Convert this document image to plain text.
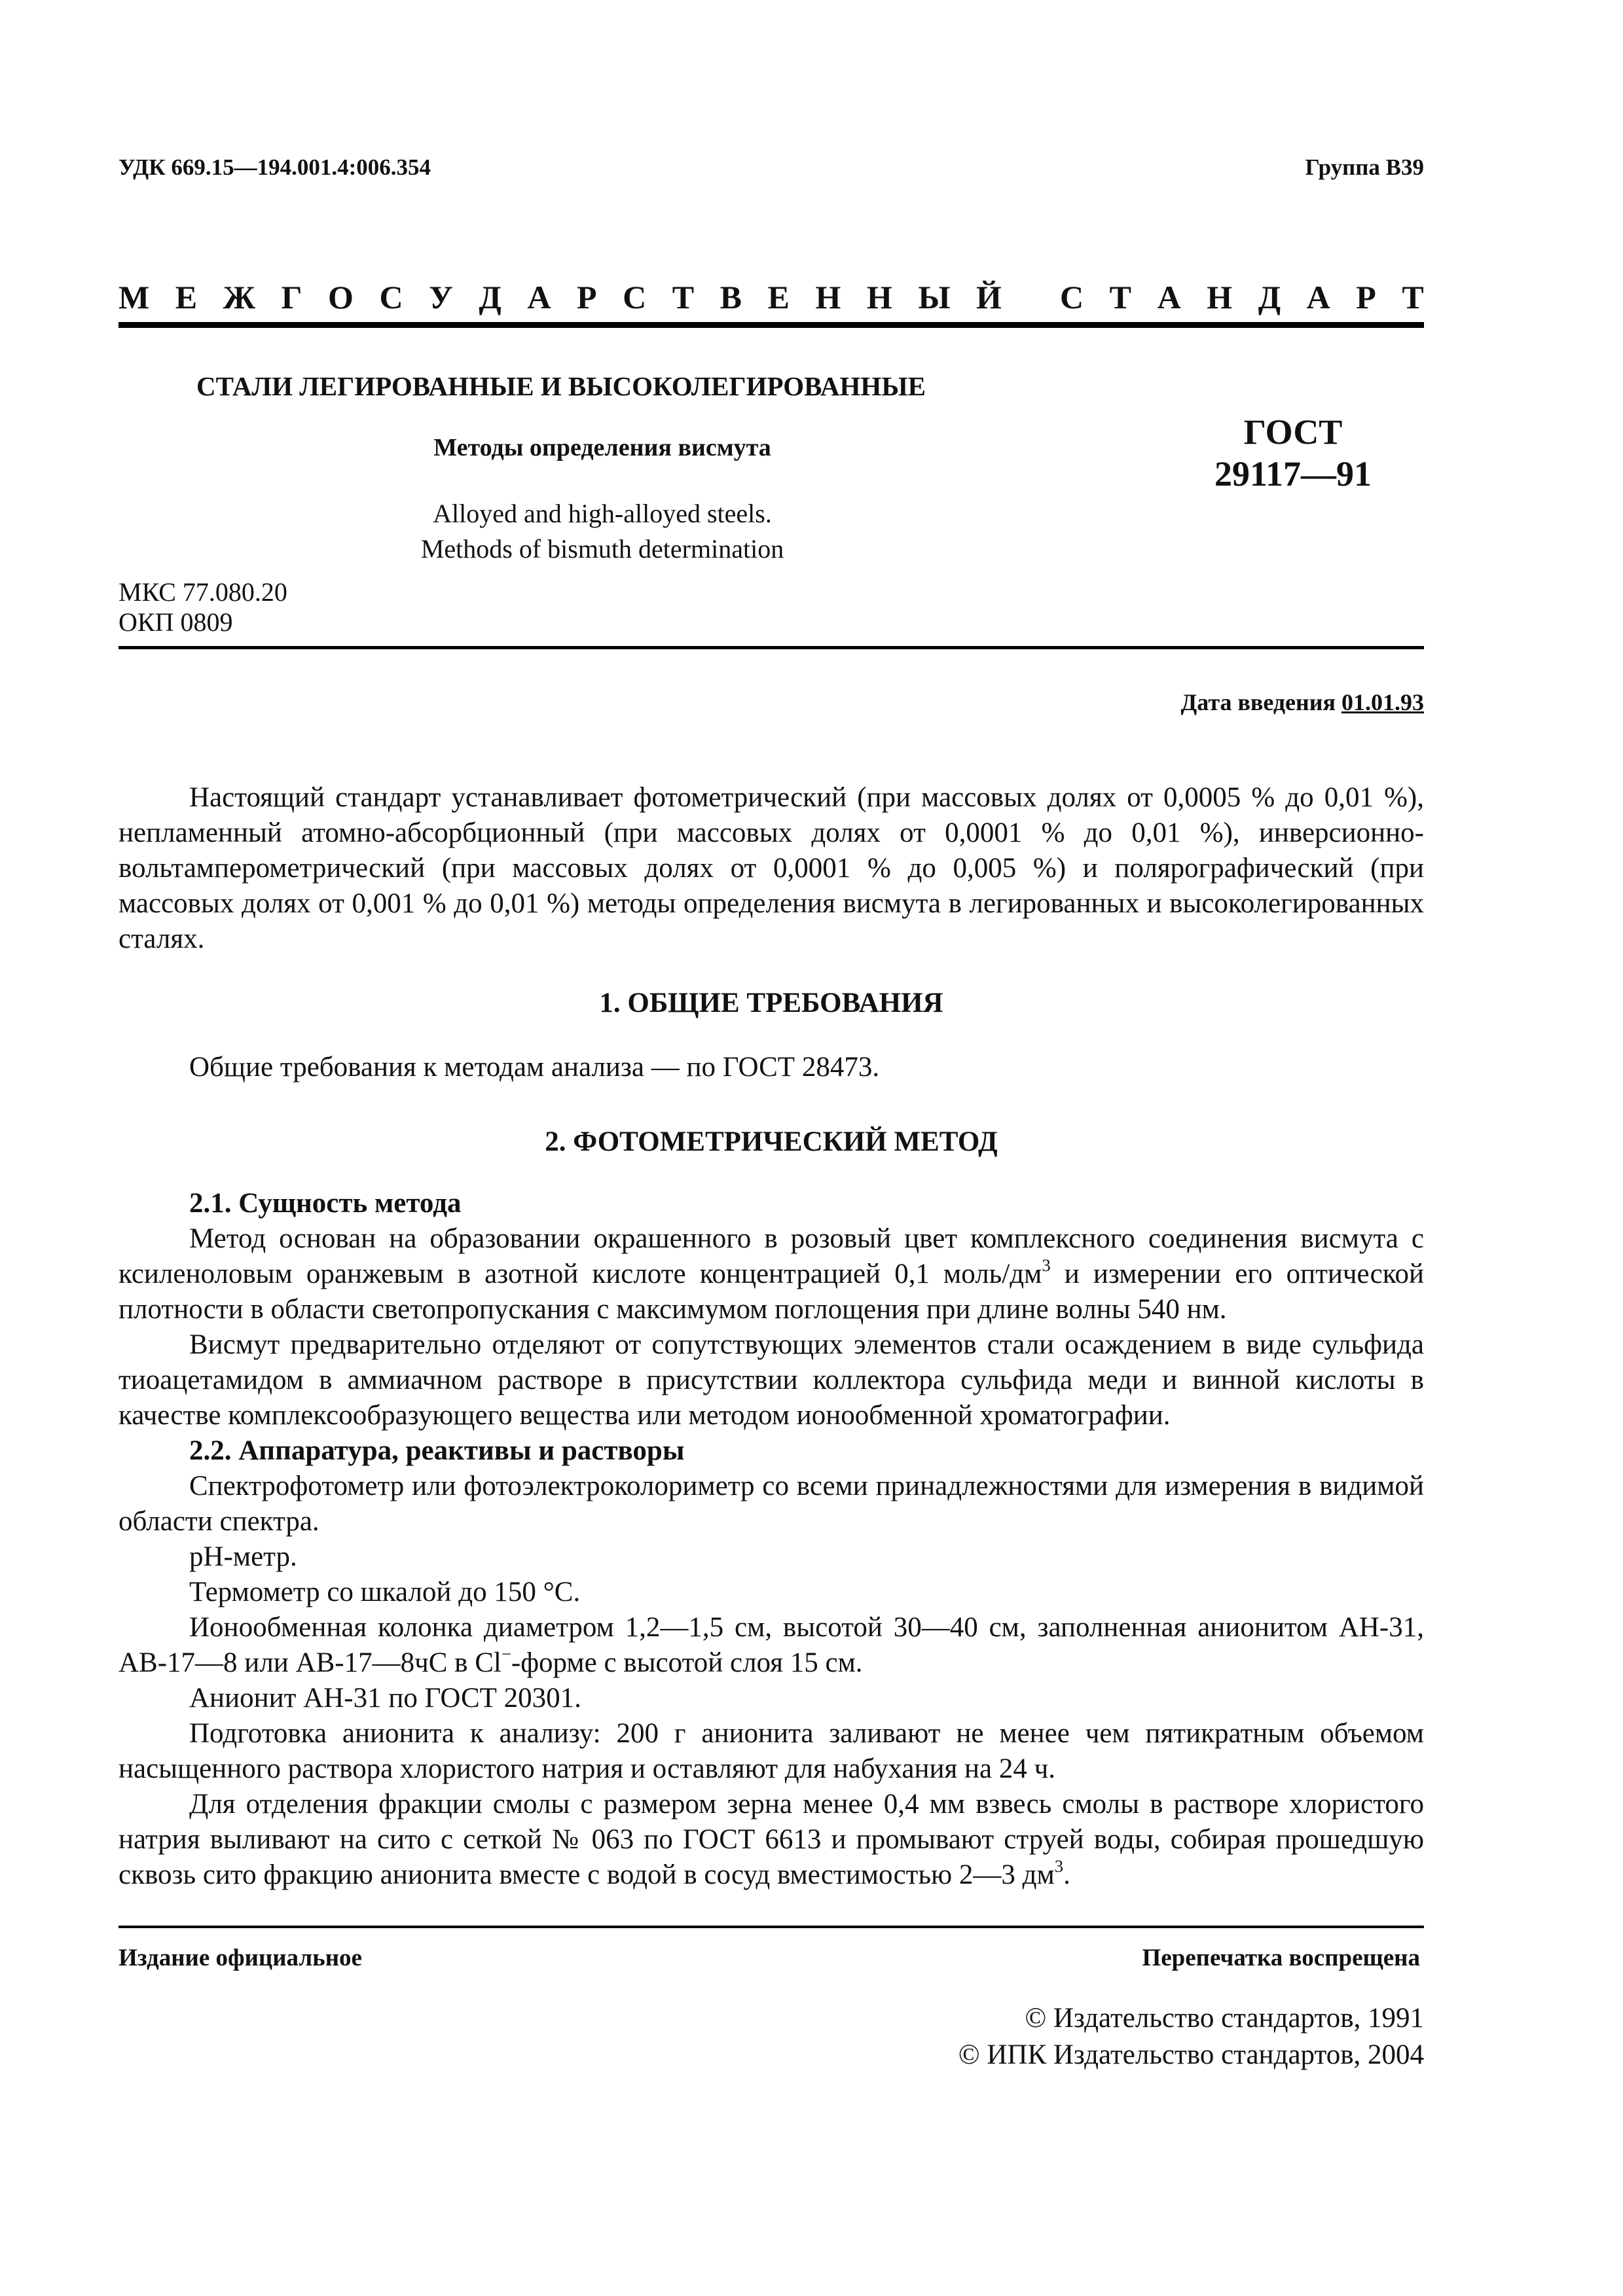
УДК 669.15—194.001.4:006.354	Группа В39
М Е Ж Г О С У Д А Р С Т В Е Н Н Ы Й С Т А Н Д А Р Т
СТАЛИ ЛЕГИРОВАННЫЕ И ВЫСОКОЛЕГИРОВАННЫЕ
Методы определения висмута
Alloyed and high-alloyed steels.
Methods of bismuth determination
ГОСТ
29117—91
МКС 77.080.20
ОКП 0809
Дата введения 01.01.93

Настоящий стандарт устанавливает фотометрический (при массовых долях от 0,0005 % до 0,01 %), непламенный атомно-абсорбционный (при массовых долях от 0,0001 % до 0,01 %), инверсионно-вольтамперометрический (при массовых долях от 0,0001 % до 0,005 %) и полярографический (при массовых долях от 0,001 % до 0,01 %) методы определения висмута в легированных и высоколегированных сталях.

1. ОБЩИЕ ТРЕБОВАНИЯ

Общие требования к методам анализа — по ГОСТ 28473.

2. ФОТОМЕТРИЧЕСКИЙ МЕТОД

2.1. Сущность метода

Метод основан на образовании окрашенного в розовый цвет комплексного соединения висмута с ксиленоловым оранжевым в азотной кислоте концентрацией 0,1 моль/$дм^3$ и измерении его оптической плотности в области светопропускания с максимумом поглощения при длине волны 540 нм.

Висмут предварительно отделяют от сопутствующих элементов стали осаждением в виде сульфида тиоацетамидом в аммиачном растворе в присутствии коллектора сульфида меди и винной кислоты в качестве комплексообразующего вещества или методом ионообменной хроматографии.

2.2. Аппаратура, реактивы и растворы

Спектрофотометр или фотоэлектроколориметр со всеми принадлежностями для измерения в видимой области спектра.

pH-метр.

Термометр со шкалой до 150 °С.

Ионообменная колонка диаметром 1,2—1,5 см, высотой 30—40 см, заполненная анионитом АН-31, АВ-17—8 или АВ-17—8чС в Cl−-форме с высотой слоя 15 см.

Анионит АН-31 по ГОСТ 20301.

Подготовка анионита к анализу: 200 г анионита заливают не менее чем пятикратным объемом насыщенного раствора хлористого натрия и оставляют для набухания на 24 ч.

Для отделения фракции смолы с размером зерна менее 0,4 мм взвесь смолы в растворе хлористого натрия выливают на сито с сеткой № 063 по ГОСТ 6613 и промывают струей воды, собирая прошедшую сквозь сито фракцию анионита вместе с водой в сосуд вместимостью 2—3 $дм^3$.

Издание официальное	Перепечатка воспрещена
© Издательство стандартов, 1991
© ИПК Издательство стандартов, 2004
